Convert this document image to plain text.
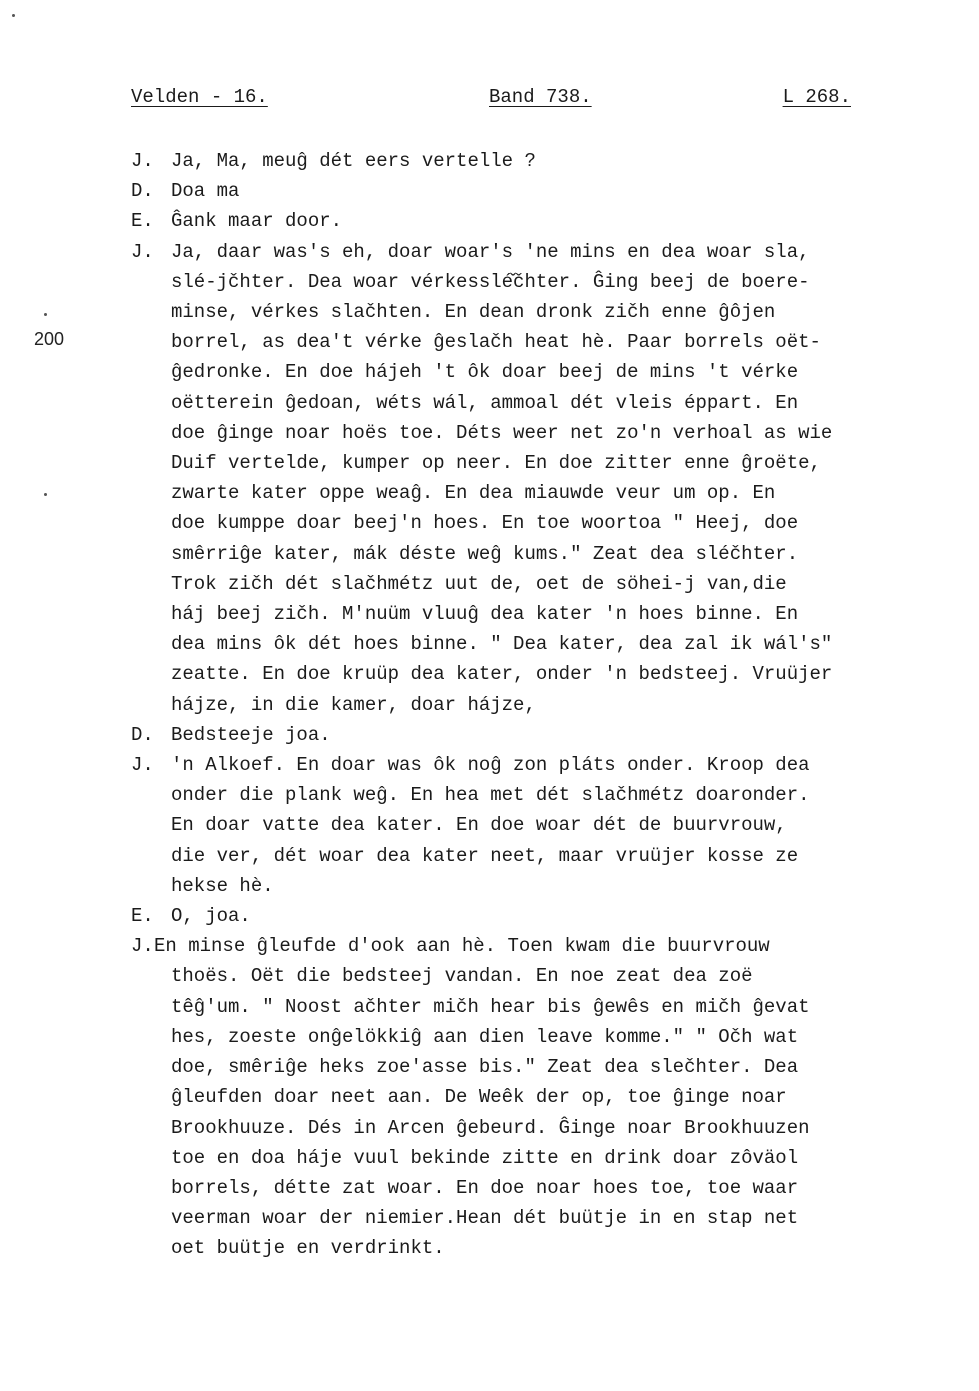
Velden - 16.	Band 738.	L 268.
200
J. Ja, Ma, meuĝ dét eers vertelle ?
D. Doa ma
E. Ĝank maar door.
J. Ja, daar was's eh, doar woar's 'ne mins en dea woar sla,
slé-jčhter. Dea woar vérkesslé̌čhter. Ĝing beej de boere-
minse, vérkes slačhten. En dean dronk zičh enne ĝôjen
borrel, as dea't vérke ĝeslačh heat hè. Paar borrels oët-
ĝedronke. En doe hájeh 't ôk doar beej de mins 't vérke
oëtterein ĝedoan, wéts wál, ammoal dét vleis éppart. En
doe ĝinge noar hoës toe. Déts weer net zo'n verhoal as wie
Duif vertelde, kumper op neer. En doe zitter enne ĝroëte,
zwarte kater oppe weaĝ. En dea miauwde veur um op. En
doe kumppe doar beej'n hoes. En toe woortoa " Heej, doe
smêrriĝe kater, mák déste weĝ kums." Zeat dea sléčhter.
Trok zičh dét slačhmétz uut de, oet de söhei-j van,die
háj beej zičh. M'nuüm vluuĝ dea kater 'n hoes binne. En
dea mins ôk dét hoes binne. " Dea kater, dea zal ik wál's"
zeatte. En doe kruüp dea kater, onder 'n bedsteej. Vruüjer
hájze, in die kamer, doar hájze,
D. Bedsteeje joa.
J. 'n Alkoef. En doar was ôk noĝ zon pláts onder. Kroop dea
onder die plank weĝ. En hea met dét slačhmétz doaronder.
En doar vatte dea kater. En doe woar dét de buurvrouw,
die ver, dét woar dea kater neet, maar vruüjer kosse ze
hekse hè.
E. O, joa.
J. En minse ĝleufde d'ook aan hè. Toen kwam die buurvrouw
thoës. Oët die bedsteej vandan. En noe zeat dea zoë
têĝ'um. " Noost ačhter mičh hear bis ĝewês en mičh ĝevat
hes, zoeste onĝelökkiĝ aan dien leave komme." " Očh wat
doe, smêriĝe heks zoe'asse bis." Zeat dea slečhter. Dea
ĝleufden doar neet aan. De Weêk der op, toe ĝinge noar
Brookhuuze. Dés in Arcen ĝebeurd. Ĝinge noar Brookhuuzen
toe en doa háje vuul bekinde zitte en drink doar zôväol
borrels, détte zat woar. En doe noar hoes toe, toe waar
veerman woar der niemier.Hean dét buütje in en stap net
oet buütje en verdrinkt.
